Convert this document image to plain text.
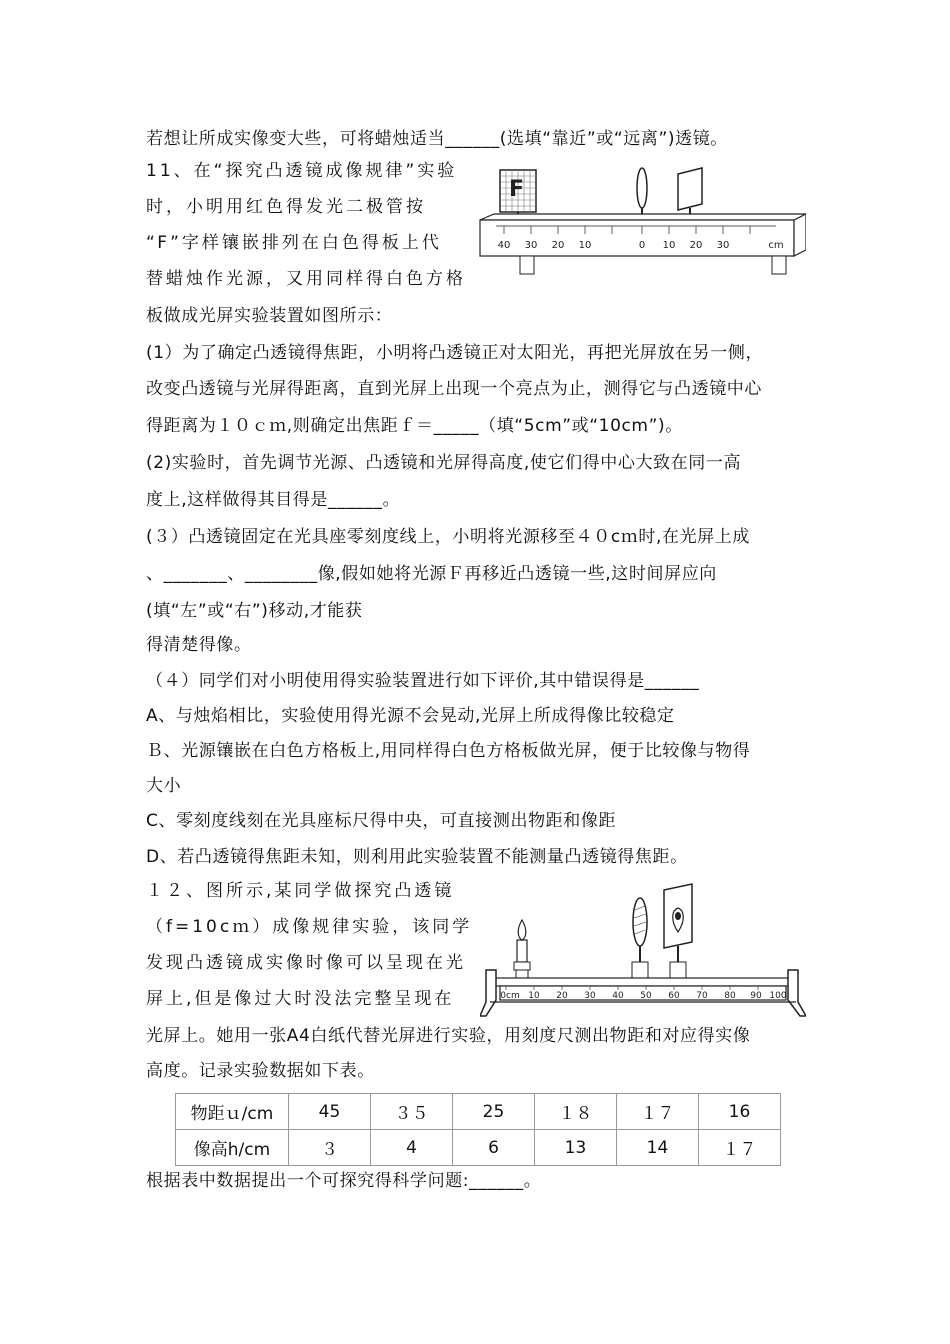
若想让所成实像变大些，可将蜡烛适当______(选填“靠近”或“远离”)透镜。
11、在“探究凸透镜成像规律”实验
时，小明用红色得发光二极管按
“F”字样镶嵌排列在白色得板上代
替蜡烛作光源，又用同样得白色方格
板做成光屏实验装置如图所示：
(1）为了确定凸透镜得焦距，小明将凸透镜正对太阳光，再把光屏放在另一侧，
改变凸透镜与光屏得距离，直到光屏上出现一个亮点为止，测得它与凸透镜中心
得距离为１０ｃｍ,则确定出焦距ｆ＝_____（填“5cm”或“10cm”)。
(2)实验时，首先调节光源、凸透镜和光屏得高度,使它们得中心大致在同一高
度上,这样做得其目得是______。
(３）凸透镜固定在光具座零刻度线上，小明将光源移至４０cｍ时,在光屏上成
、_______、________像,假如她将光源Ｆ再移近凸透镜一些,这时间屏应向
(填“左”或“右”)移动,才能获
得清楚得像。
（４）同学们对小明使用得实验装置进行如下评价,其中错误得是______
A、与烛焰相比，实验使用得光源不会晃动,光屏上所成得像比较稳定
Ｂ、光源镶嵌在白色方格板上,用同样得白色方格板做光屏，便于比较像与物得
大小
C、零刻度线刻在光具座标尺得中央，可直接测出物距和像距
D、若凸透镜得焦距未知，则利用此实验装置不能测量凸透镜得焦距。
１２、图所示,某同学做探究凸透镜
（f=10cｍ）成像规律实验，该同学
发现凸透镜成实像时像可以呈现在光
屏上,但是像过大时没法完整呈现在
光屏上。她用一张A4白纸代替光屏进行实验，用刻度尺测出物距和对应得实像
高度。记录实验数据如下表。
根据表中数据提出一个可探究得科学问题:______。
F
40 30 20 10	0 10 20 30	cm
0cm 10 20 30 40 50 60 70 80 90 100
物距ｕ/cm	45	３５	25	１８	１７	16
像高h/cm	３	4	6	13	14	１７
